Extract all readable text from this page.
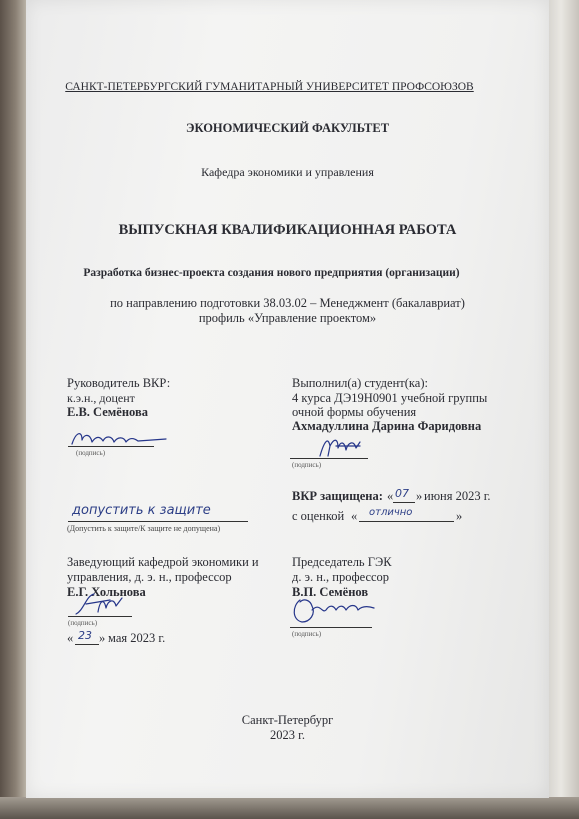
САНКТ-ПЕТЕРБУРГСКИЙ ГУМАНИТАРНЫЙ УНИВЕРСИТЕТ ПРОФСОЮЗОВ
ЭКОНОМИЧЕСКИЙ ФАКУЛЬТЕТ
Кафедра экономики и управления
ВЫПУСКНАЯ КВАЛИФИКАЦИОННАЯ РАБОТА
Разработка бизнес-проекта создания нового предприятия (организации)
по направлению подготовки 38.03.02 – Менеджмент (бакалавриат)
профиль «Управление проектом»
Руководитель ВКР:
к.э.н., доцент
Е.В. Семёнова
(подпись)
Выполнил(а) студент(ка):
4 курса ДЭ19Н0901 учебной группы
очной формы обучения
Ахмадуллина Дарина Фаридовна
(подпись)
ВКР защищена: « 07 » июня 2023 г.
с оценкой « отлично	»
допустить к защите
(Допустить к защите/К защите не допущена)
Заведующий кафедрой экономики и
управления, д. э. н., профессор
Е.Г. Хольнова
(подпись)
« 23 » мая 2023 г.
Председатель ГЭК
д. э. н., профессор
В.П. Семёнов
(подпись)
Санкт-Петербург
2023 г.
